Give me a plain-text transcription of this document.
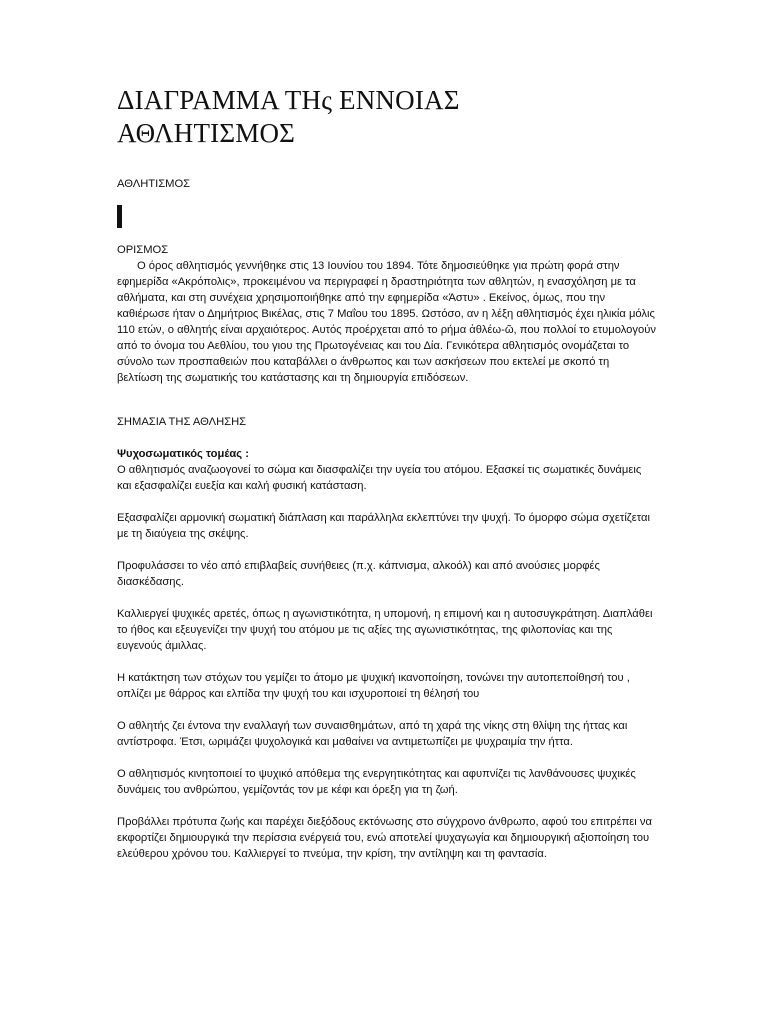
ΔΙΑΓΡΑΜΜΑ ΤΗς ΕΝΝΟΙΑΣ
ΑΘΛΗΤΙΣΜΟΣ
ΑΘΛΗΤΙΣΜΟΣ
ΟΡΙΣΜΟΣ

Ο όρος αθλητισμός γεννήθηκε στις 13 Ιουνίου του 1894. Τότε δημοσιεύθηκε για πρώτη φορά στην εφημερίδα «Ακρόπολις», προκειμένου να περιγραφεί η δραστηριότητα των αθλητών, η ενασχόληση με τα αθλήματα, και στη συνέχεια χρησιμοποιήθηκε από την εφημερίδα «Άστυ» . Εκείνος, όμως, που την καθιέρωσε ήταν ο Δημήτριος Βικέλας, στις 7 Μαΐου του 1895. Ωστόσο, αν η λέξη αθλητισμός έχει ηλικία μόλις 110 ετών, ο αθλητής είναι αρχαιότερος. Αυτός προέρχεται από το ρήμα ἀθλέω-ῶ, που πολλοί το ετυμολογούν από το όνομα του Αεθλίου, του γιου της Πρωτογένειας και του Δία. Γενικότερα αθλητισμός ονομάζεται το σύνολο των προσπαθειών που καταβάλλει ο άνθρωπος και των ασκήσεων που εκτελεί με σκοπό τη βελτίωση της σωματικής του κατάστασης και τη δημιουργία επιδόσεων.

ΣΗΜΑΣΙΑ ΤΗΣ ΑΘΛΗΣΗΣ
Ψυχοσωματικός τομέας :

Ο αθλητισμός αναζωογονεί το σώμα και διασφαλίζει την υγεία του ατόμου. Εξασκεί τις σωματικές δυνάμεις και εξασφαλίζει ευεξία και καλή φυσική κατάσταση.

Εξασφαλίζει αρμονική σωματική διάπλαση και παράλληλα εκλεπτύνει την ψυχή. Το όμορφο σώμα σχετίζεται με τη διαύγεια της σκέψης.

Προφυλάσσει το νέο από επιβλαβείς συνήθειες (π.χ. κάπνισμα, αλκοόλ) και από ανούσιες μορφές διασκέδασης.

Καλλιεργεί ψυχικές αρετές, όπως η αγωνιστικότητα, η υπομονή, η επιμονή και η αυτοσυγκράτηση. Διαπλάθει το ήθος και εξευγενίζει την ψυχή του ατόμου με τις αξίες της αγωνιστικότητας, της φιλοπονίας και της ευγενούς άμιλλας.

Η κατάκτηση των στόχων του γεμίζει το άτομο με ψυχική ικανοποίηση, τονώνει την αυτοπεποίθησή του , οπλίζει με θάρρος και ελπίδα την ψυχή του και ισχυροποιεί τη θέλησή του

Ο αθλητής ζει έντονα την εναλλαγή των συναισθημάτων, από τη χαρά της νίκης στη θλίψη της ήττας και αντίστροφα. Έτσι, ωριμάζει ψυχολογικά και μαθαίνει να αντιμετωπίζει με ψυχραιμία την ήττα.

Ο αθλητισμός κινητοποιεί το ψυχικό απόθεμα της ενεργητικότητας και αφυπνίζει τις λανθάνουσες ψυχικές δυνάμεις του ανθρώπου, γεμίζοντάς τον με κέφι και όρεξη για τη ζωή.

Προβάλλει πρότυπα ζωής και παρέχει διεξόδους εκτόνωσης στο σύγχρονο άνθρωπο, αφού του επιτρέπει να εκφορτίζει δημιουργικά την περίσσια ενέργειά του, ενώ αποτελεί ψυχαγωγία και δημιουργική αξιοποίηση του ελεύθερου χρόνου του. Καλλιεργεί το πνεύμα, την κρίση, την αντίληψη και τη φαντασία.
